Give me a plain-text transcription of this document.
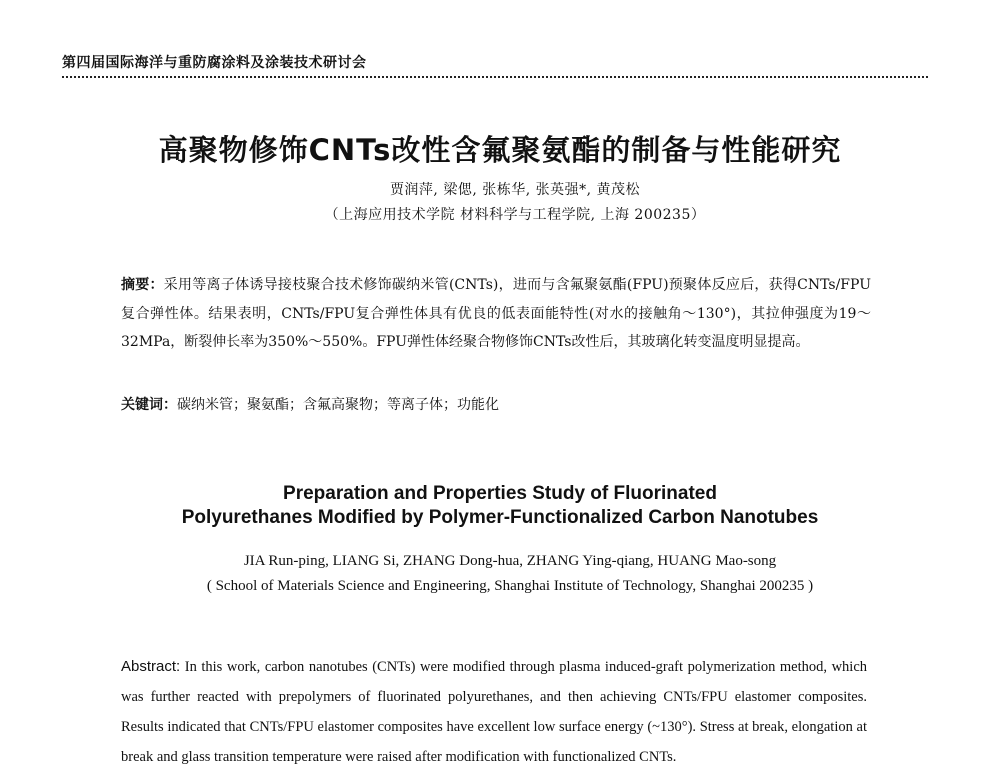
第四届国际海洋与重防腐涂料及涂装技术研讨会
高聚物修饰CNTs改性含氟聚氨酯的制备与性能研究
贾润萍, 梁偲, 张栋华, 张英强*, 黄茂松
（上海应用技术学院 材料科学与工程学院, 上海 200235）
摘要：采用等离子体诱导接枝聚合技术修饰碳纳米管(CNTs)，进而与含氟聚氨酯(FPU)预聚体反应后，获得CNTs/FPU复合弹性体。结果表明，CNTs/FPU复合弹性体具有优良的低表面能特性(对水的接触角～130°)，其拉伸强度为19～32MPa，断裂伸长率为350%～550%。FPU弹性体经聚合物修饰CNTs改性后，其玻璃化转变温度明显提高。
关键词：碳纳米管；聚氨酯；含氟高聚物；等离子体；功能化
Preparation and Properties Study of Fluorinated
Polyurethanes Modified by Polymer-Functionalized Carbon Nanotubes
JIA Run-ping, LIANG Si, ZHANG Dong-hua, ZHANG Ying-qiang, HUANG Mao-song
( School of Materials Science and Engineering, Shanghai Institute of Technology, Shanghai 200235 )
Abstract: In this work, carbon nanotubes (CNTs) were modified through plasma induced-graft polymerization method, which was further reacted with prepolymers of fluorinated polyurethanes, and then achieving CNTs/FPU elastomer composites. Results indicated that CNTs/FPU elastomer composites have excellent low surface energy (~130°). Stress at break, elongation at break and glass transition temperature were raised after modification with functionalized CNTs.
